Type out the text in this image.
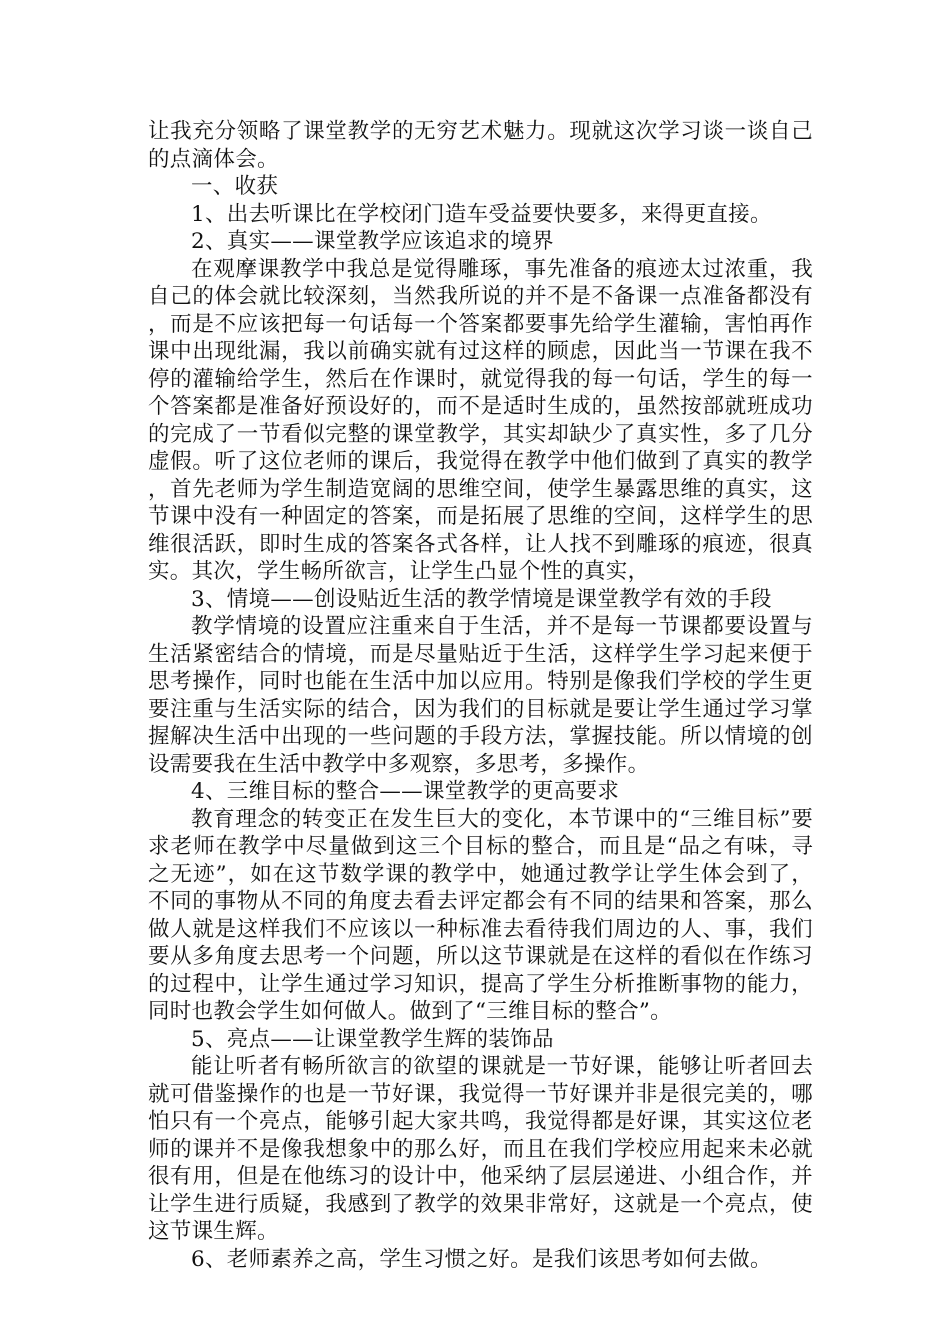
让我充分领略了课堂教学的无穷艺术魅力。现就这次学习谈一谈自己的点滴体会。

一、收获

1、出去听课比在学校闭门造车受益要快要多，来得更直接。

2、真实——课堂教学应该追求的境界

在观摩课教学中我总是觉得雕琢，事先准备的痕迹太过浓重，我自己的体会就比较深刻，当然我所说的并不是不备课一点准备都没有，而是不应该把每一句话每一个答案都要事先给学生灌输，害怕再作课中出现纰漏，我以前确实就有过这样的顾虑，因此当一节课在我不停的灌输给学生，然后在作课时，就觉得我的每一句话，学生的每一个答案都是准备好预设好的，而不是适时生成的，虽然按部就班成功的完成了一节看似完整的课堂教学，其实却缺少了真实性，多了几分虚假。听了这位老师的课后，我觉得在教学中他们做到了真实的教学，首先老师为学生制造宽阔的思维空间，使学生暴露思维的真实，这节课中没有一种固定的答案，而是拓展了思维的空间，这样学生的思维很活跃，即时生成的答案各式各样，让人找不到雕琢的痕迹，很真实。其次，学生畅所欲言，让学生凸显个性的真实，

3、情境——创设贴近生活的教学情境是课堂教学有效的手段

教学情境的设置应注重来自于生活，并不是每一节课都要设置与生活紧密结合的情境，而是尽量贴近于生活，这样学生学习起来便于思考操作，同时也能在生活中加以应用。特别是像我们学校的学生更要注重与生活实际的结合，因为我们的目标就是要让学生通过学习掌握解决生活中出现的一些问题的手段方法，掌握技能。所以情境的创设需要我在生活中教学中多观察，多思考，多操作。

4、三维目标的整合——课堂教学的更高要求

教育理念的转变正在发生巨大的变化，本节课中的“三维目标”要求老师在教学中尽量做到这三个目标的整合，而且是“品之有味，寻之无迹”，如在这节数学课的教学中，她通过教学让学生体会到了，不同的事物从不同的角度去看去评定都会有不同的结果和答案，那么做人就是这样我们不应该以一种标准去看待我们周边的人、事，我们要从多角度去思考一个问题，所以这节课就是在这样的看似在作练习的过程中，让学生通过学习知识，提高了学生分析推断事物的能力，同时也教会学生如何做人。做到了“三维目标的整合”。

5、亮点——让课堂教学生辉的装饰品

能让听者有畅所欲言的欲望的课就是一节好课，能够让听者回去就可借鉴操作的也是一节好课，我觉得一节好课并非是很完美的，哪怕只有一个亮点，能够引起大家共鸣，我觉得都是好课，其实这位老师的课并不是像我想象中的那么好，而且在我们学校应用起来未必就很有用，但是在他练习的设计中，他采纳了层层递进、小组合作，并让学生进行质疑，我感到了教学的效果非常好，这就是一个亮点，使这节课生辉。

6、老师素养之高，学生习惯之好。是我们该思考如何去做。
